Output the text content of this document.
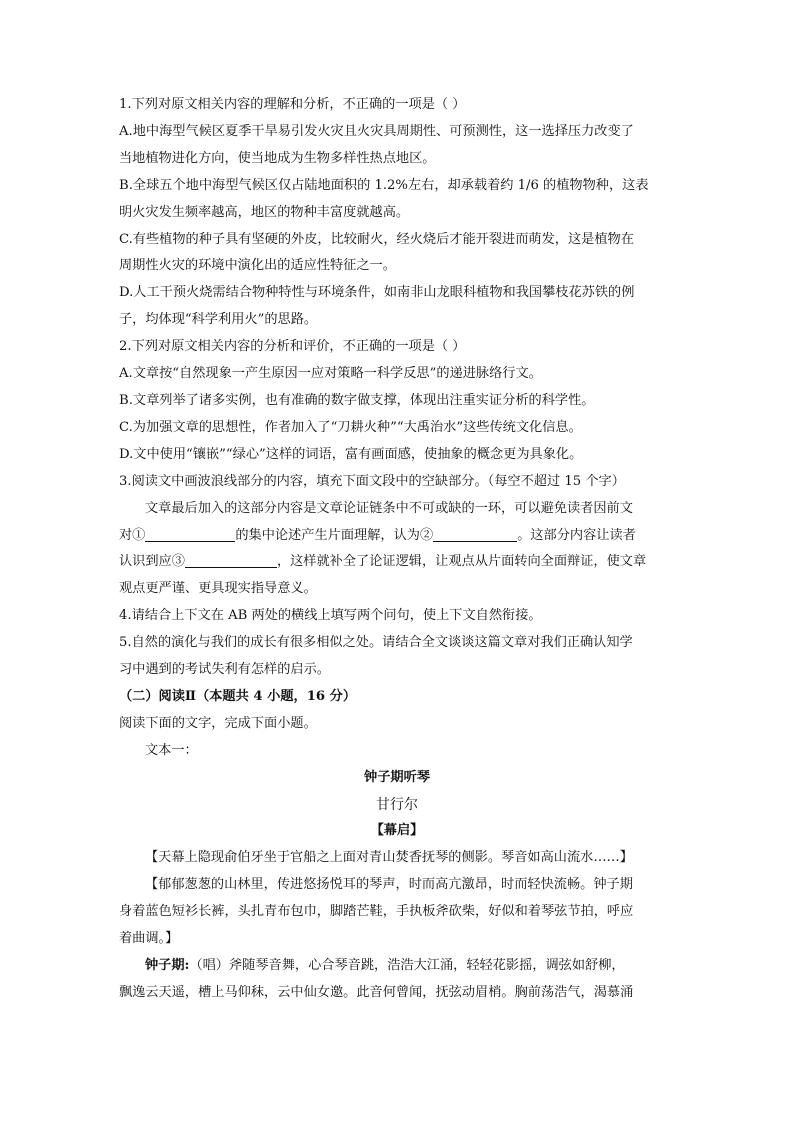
1.下列对原文相关内容的理解和分析，不正确的一项是（ ）

A.地中海型气候区夏季干旱易引发火灾且火灾具周期性、可预测性，这一选择压力改变了

当地植物进化方向，使当地成为生物多样性热点地区。

B.全球五个地中海型气候区仅占陆地面积的 1.2%左右，却承载着约 1/6 的植物物种，这表

明火灾发生频率越高，地区的物种丰富度就越高。

C.有些植物的种子具有坚硬的外皮，比较耐火，经火烧后才能开裂进而萌发，这是植物在

周期性火灾的环境中演化出的适应性特征之一。

D.人工干预火烧需结合物种特性与环境条件，如南非山龙眼科植物和我国攀枝花苏铁的例

子，均体现“科学利用火”的思路。

2.下列对原文相关内容的分析和评价，不正确的一项是（ ）

A.文章按“自然现象一产生原因一应对策略一科学反思”的递进脉络行文。

B.文章列举了诸多实例，也有准确的数字做支撑，体现出注重实证分析的科学性。

C.为加强文章的思想性，作者加入了“刀耕火种”“大禹治水”这些传统文化信息。

D.文中使用“镶嵌”“绿心”这样的词语，富有画面感，使抽象的概念更为具象化。

3.阅读文中画波浪线部分的内容，填充下面文段中的空缺部分。（每空不超过 15 个字）

文章最后加入的这部分内容是文章论证链条中不可或缺的一环，可以避免读者因前文

对①	的集中论述产生片面理解，认为②	。这部分内容让读者

认识到应③	，这样就补全了论证逻辑，让观点从片面转向全面辩证，使文章

观点更严谨、更具现实指导意义。

4.请结合上下文在 AB 两处的横线上填写两个问句，使上下文自然衔接。

5.自然的演化与我们的成长有很多相似之处。请结合全文谈谈这篇文章对我们正确认知学

习中遇到的考试失利有怎样的启示。

（二）阅读Ⅱ（本题共 4 小题，16 分）

阅读下面的文字，完成下面小题。

文本一：

钟子期听琴

甘行尔

【幕启】

【天幕上隐现俞伯牙坐于官船之上面对青山焚香抚琴的侧影。琴音如高山流水……】

【郁郁葱葱的山林里，传进悠扬悦耳的琴声，时而高亢激昂，时而轻快流畅。钟子期

身着蓝色短衫长裤，头扎青布包巾，脚踏芒鞋，手执板斧砍柴，好似和着琴弦节拍，呼应

着曲调。】

钟子期:（唱）斧随琴音舞，心合琴音跳，浩浩大江涌，轻轻花影摇，调弦如舒柳，

飘逸云天遥，槽上马仰秣，云中仙女邀。此音何曾闻，抚弦动眉梢。胸前荡浩气，渴慕涌
